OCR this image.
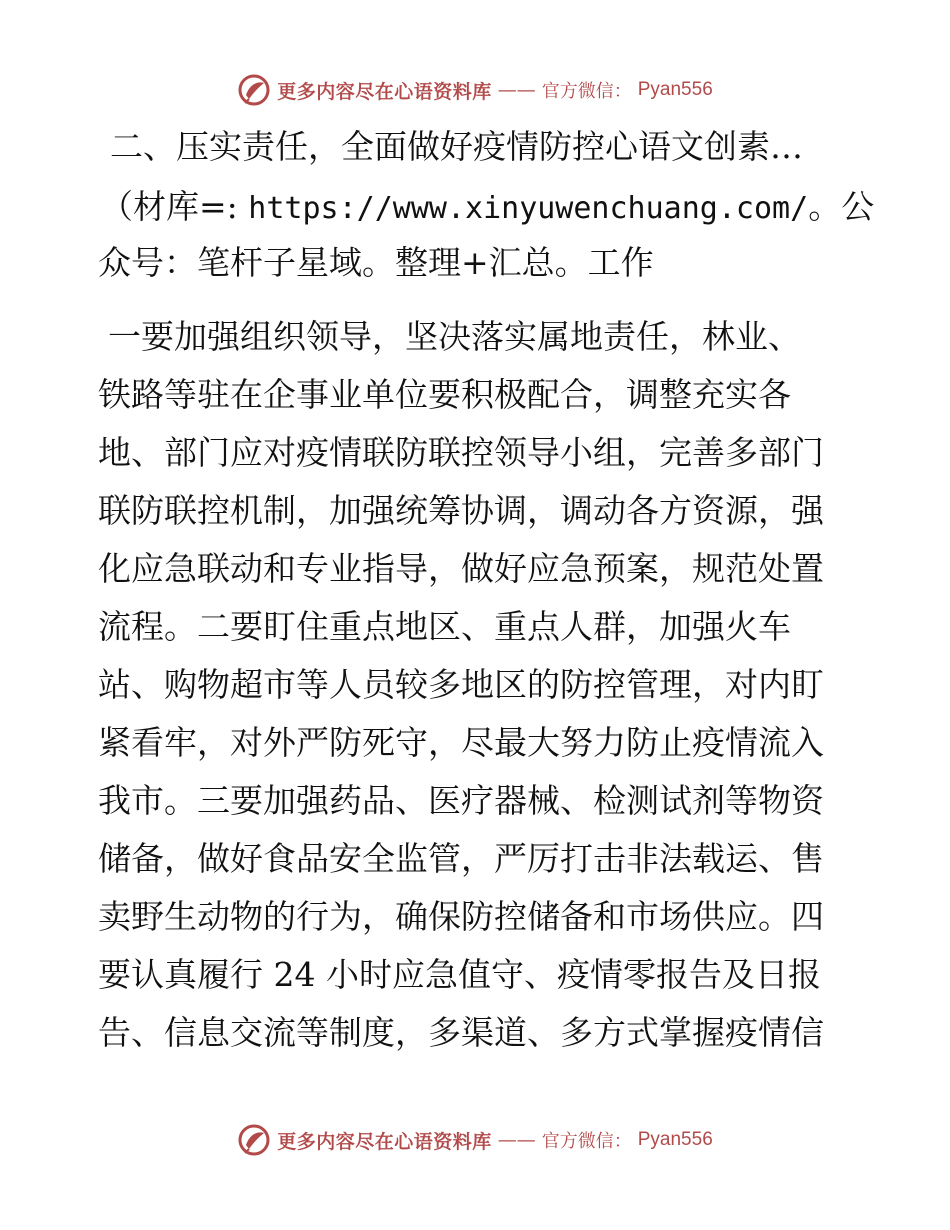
更多内容尽在心语资料库 —— 官方微信： Pyan556
二、压实责任，全面做好疫情防控心语文创素…
（材库=: https://www.xinyuwenchuang.com/。公
众号：笔杆子星域。整理+汇总。工作
一要加强组织领导，坚决落实属地责任，林业、
铁路等驻在企事业单位要积极配合，调整充实各
地、部门应对疫情联防联控领导小组，完善多部门
联防联控机制，加强统筹协调，调动各方资源，强
化应急联动和专业指导，做好应急预案，规范处置
流程。二要盯住重点地区、重点人群，加强火车
站、购物超市等人员较多地区的防控管理，对内盯
紧看牢，对外严防死守，尽最大努力防止疫情流入
我市。三要加强药品、医疗器械、检测试剂等物资
储备，做好食品安全监管，严厉打击非法载运、售
卖野生动物的行为，确保防控储备和市场供应。四
要认真履行 24 小时应急值守、疫情零报告及日报
告、信息交流等制度，多渠道、多方式掌握疫情信
更多内容尽在心语资料库 —— 官方微信： Pyan556
